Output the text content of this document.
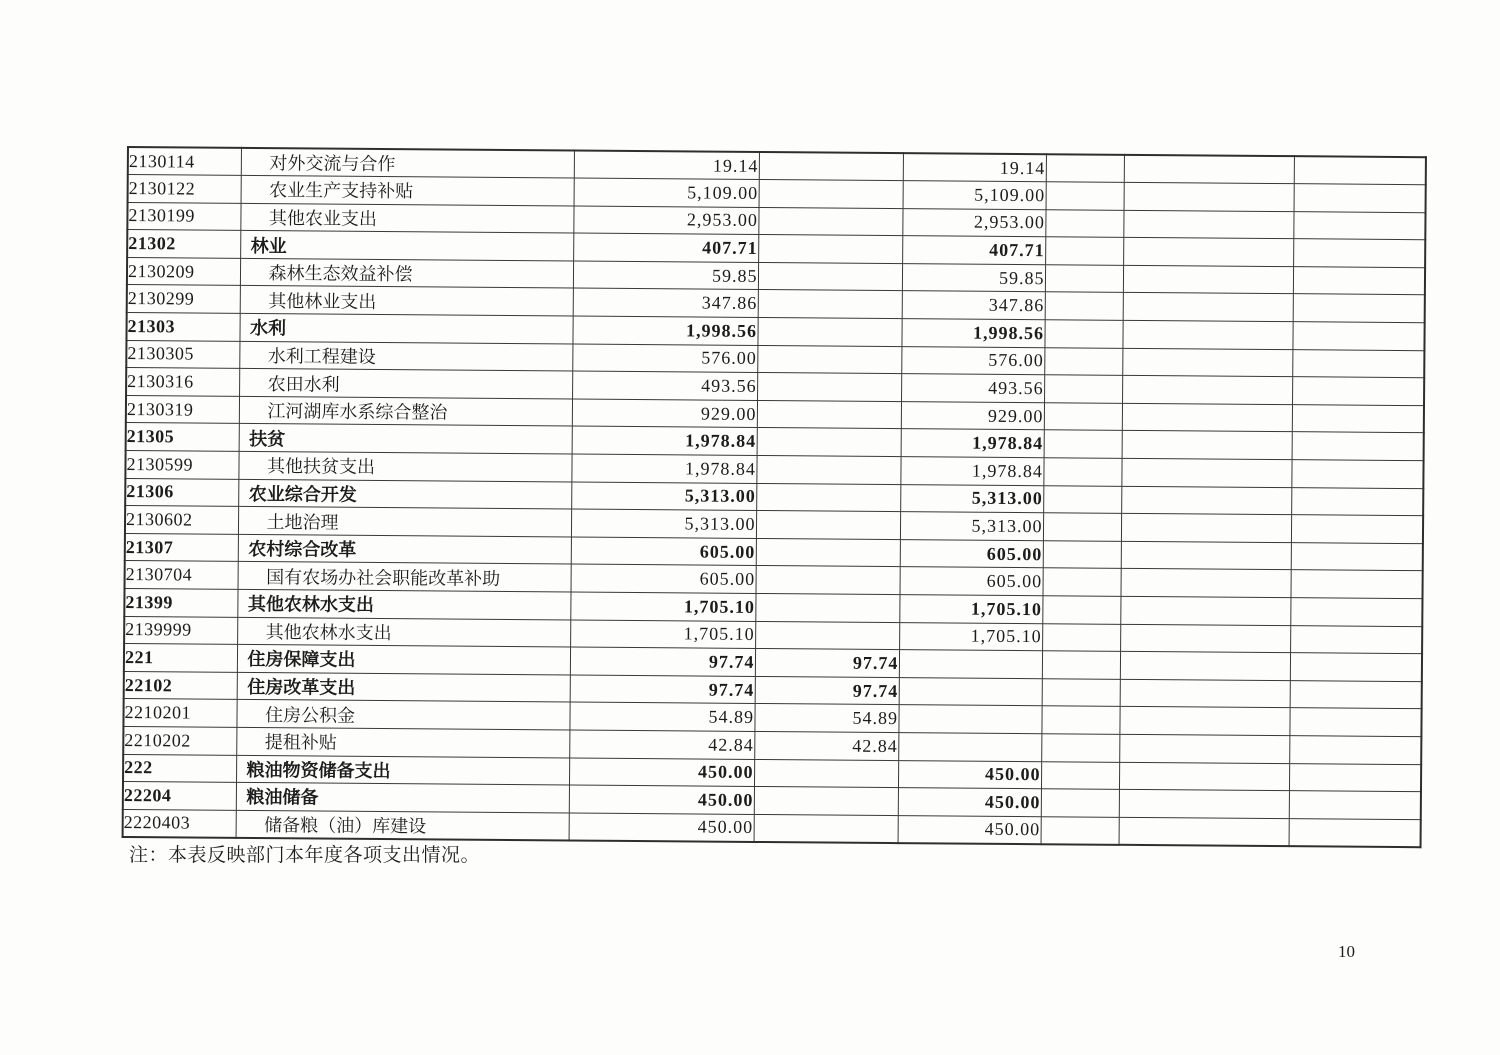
2130114	对外交流与合作	19.14		19.14			
2130122	农业生产支持补贴	5,109.00		5,109.00			
2130199	其他农业支出	2,953.00		2,953.00			
21302	林业	407.71		407.71			
2130209	森林生态效益补偿	59.85		59.85			
2130299	其他林业支出	347.86		347.86			
21303	水利	1,998.56		1,998.56			
2130305	水利工程建设	576.00		576.00			
2130316	农田水利	493.56		493.56			
2130319	江河湖库水系综合整治	929.00		929.00			
21305	扶贫	1,978.84		1,978.84			
2130599	其他扶贫支出	1,978.84		1,978.84			
21306	农业综合开发	5,313.00		5,313.00			
2130602	土地治理	5,313.00		5,313.00			
21307	农村综合改革	605.00		605.00			
2130704	国有农场办社会职能改革补助	605.00		605.00			
21399	其他农林水支出	1,705.10		1,705.10			
2139999	其他农林水支出	1,705.10		1,705.10			
221	住房保障支出	97.74	97.74				
22102	住房改革支出	97.74	97.74				
2210201	住房公积金	54.89	54.89				
2210202	提租补贴	42.84	42.84				
222	粮油物资储备支出	450.00		450.00			
22204	粮油储备	450.00		450.00			
2220403	储备粮（油）库建设	450.00		450.00			
注：本表反映部门本年度各项支出情况。
10
